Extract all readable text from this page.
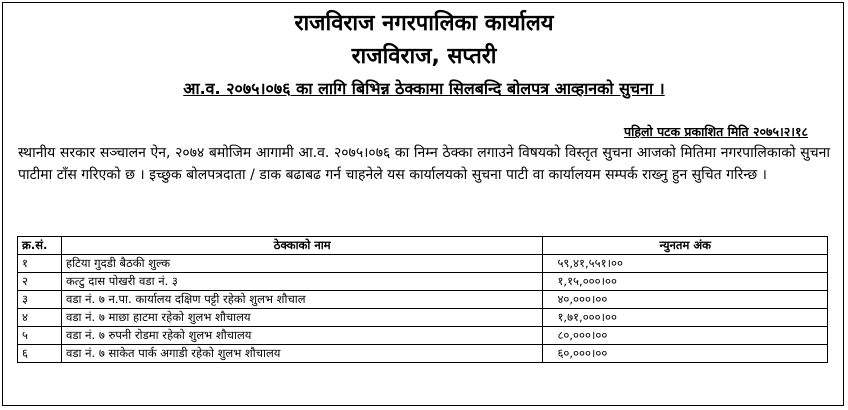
राजविराज नगरपालिका कार्यालय
राजविराज, सप्तरी
आ.व. २०७५।०७६ का लागि बिभिन्न ठेक्कामा सिलबन्दि बोलपत्र आव्हानको सुचना ।
पहिलो पटक प्रकाशित मिति २०७५।२।१८
स्थानीय सरकार सञ्चालन ऐन, २०७४ बमोजिम आगामी आ.व. २०७५।०७६ का निम्न ठेक्का लगाउने विषयको विस्तृत सुचना आजको मितिमा नगरपालिकाको सुचना पाटीमा टाँस गरिएको छ । इच्छुक बोलपत्रदाता / डाक बढाबढ गर्न चाहनेले यस कार्यालयको सुचना पाटी वा कार्यालयम सम्पर्क राख्नु हुन सुचित गरिन्छ ।
क्र.सं.	ठेक्काको नाम	न्युनतम अंक
१	हटिया गुदडी बैठकी शुल्क	५९,४१,५५१।००
२	कत्टु दास पोखरी वडा नं. ३	१,१५,०००।००
३	वडा नं. ७ न.पा. कार्यालय दक्षिण पट्टी रहेको शुलभ शौचाल	४०,०००।००
४	वडा नं. ७ माछा हाटमा रहेको शुलभ शौचालय	१,७१,०००।००
५	वडा नं. ७ रुपनी रोडमा रहेको शुलभ शौचालय	८०,०००।००
६	वडा नं. ७ साकेत पार्क अगाडी रहेको शुलभ शौचालय	६०,०००।००
